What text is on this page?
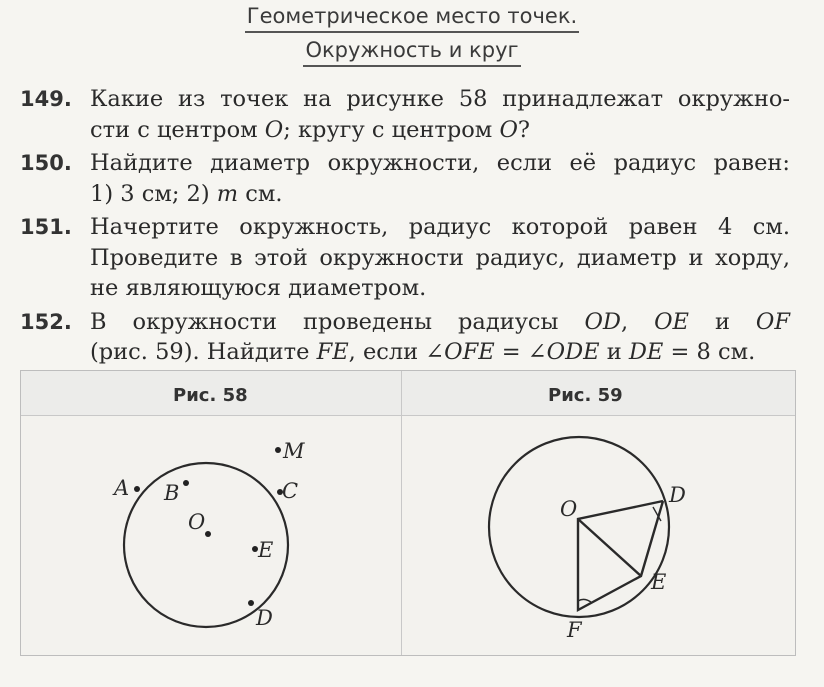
Геометрическое место точек.
Окружность и круг
149. Какие из точек на рисунке 58 принадлежат окружно-
сти с центром O; кругу с центром O?
150. Найдите диаметр окружности, если её радиус равен:
1) 3 см; 2) m см.
151. Начертите окружность, радиус которой равен 4 см.
Проведите в этой окружности радиус, диаметр и хорду,
не являющуюся диаметром.
152. В окружности проведены радиусы OD, OE и OF
(рис. 59). Найдите FE, если ∠OFE = ∠ODE и DE = 8 см.
Рис. 58	Рис. 59
A B	C
O
E
D
M
O
D
E
F
